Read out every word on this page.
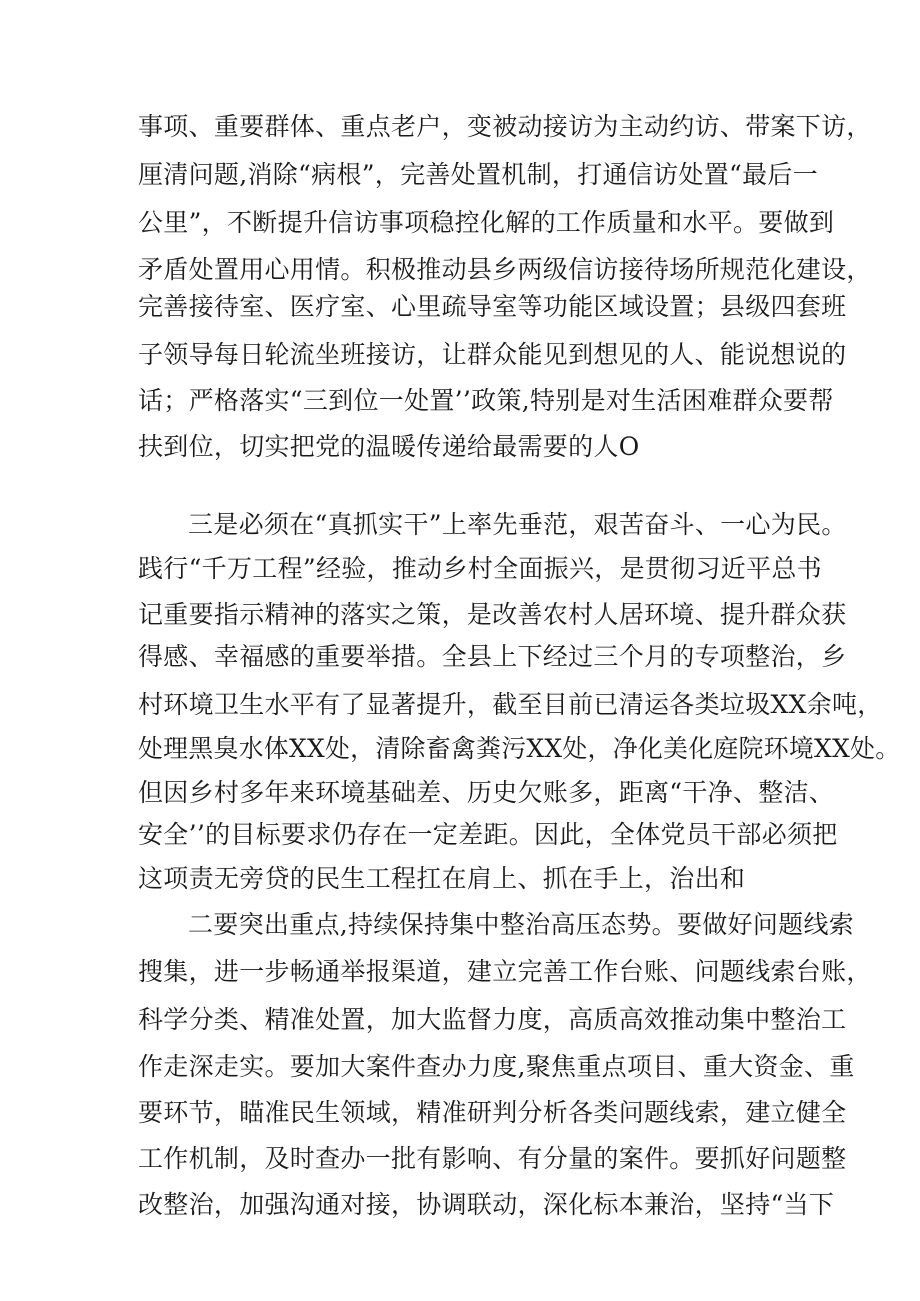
事项、重要群体、重点老户，变被动接访为主动约访、带案下访，

厘清问题,消除“病根”，完善处置机制，打通信访处置“最后一

公里”，不断提升信访事项稳控化解的工作质量和水平。要做到

矛盾处置用心用情。积极推动县乡两级信访接待场所规范化建设，

完善接待室、医疗室、心里疏导室等功能区域设置；县级四套班

子领导每日轮流坐班接访，让群众能见到想见的人、能说想说的

话；严格落实“三到位一处置’’政策,特别是对生活困难群众要帮

扶到位，切实把党的温暖传递给最需要的人O

三是必须在“真抓实干”上率先垂范，艰苦奋斗、一心为民。

践行“千万工程”经验，推动乡村全面振兴，是贯彻习近平总书

记重要指示精神的落实之策，是改善农村人居环境、提升群众获

得感、幸福感的重要举措。全县上下经过三个月的专项整治，乡

村环境卫生水平有了显著提升，截至目前已清运各类垃圾XX余吨，

处理黑臭水体XX处，清除畜禽粪污XX处，净化美化庭院环境XX处。

但因乡村多年来环境基础差、历史欠账多，距离“干净、整洁、

安全’’的目标要求仍存在一定差距。因此，全体党员干部必须把

这项责无旁贷的民生工程扛在肩上、抓在手上，治出和

二要突出重点,持续保持集中整治高压态势。要做好问题线索

搜集，进一步畅通举报渠道，建立完善工作台账、问题线索台账，

科学分类、精准处置，加大监督力度，高质高效推动集中整治工

作走深走实。要加大案件查办力度,聚焦重点项目、重大资金、重

要环节，瞄准民生领域，精准研判分析各类问题线索，建立健全

工作机制，及时查办一批有影响、有分量的案件。要抓好问题整

改整治，加强沟通对接，协调联动，深化标本兼治，坚持“当下
